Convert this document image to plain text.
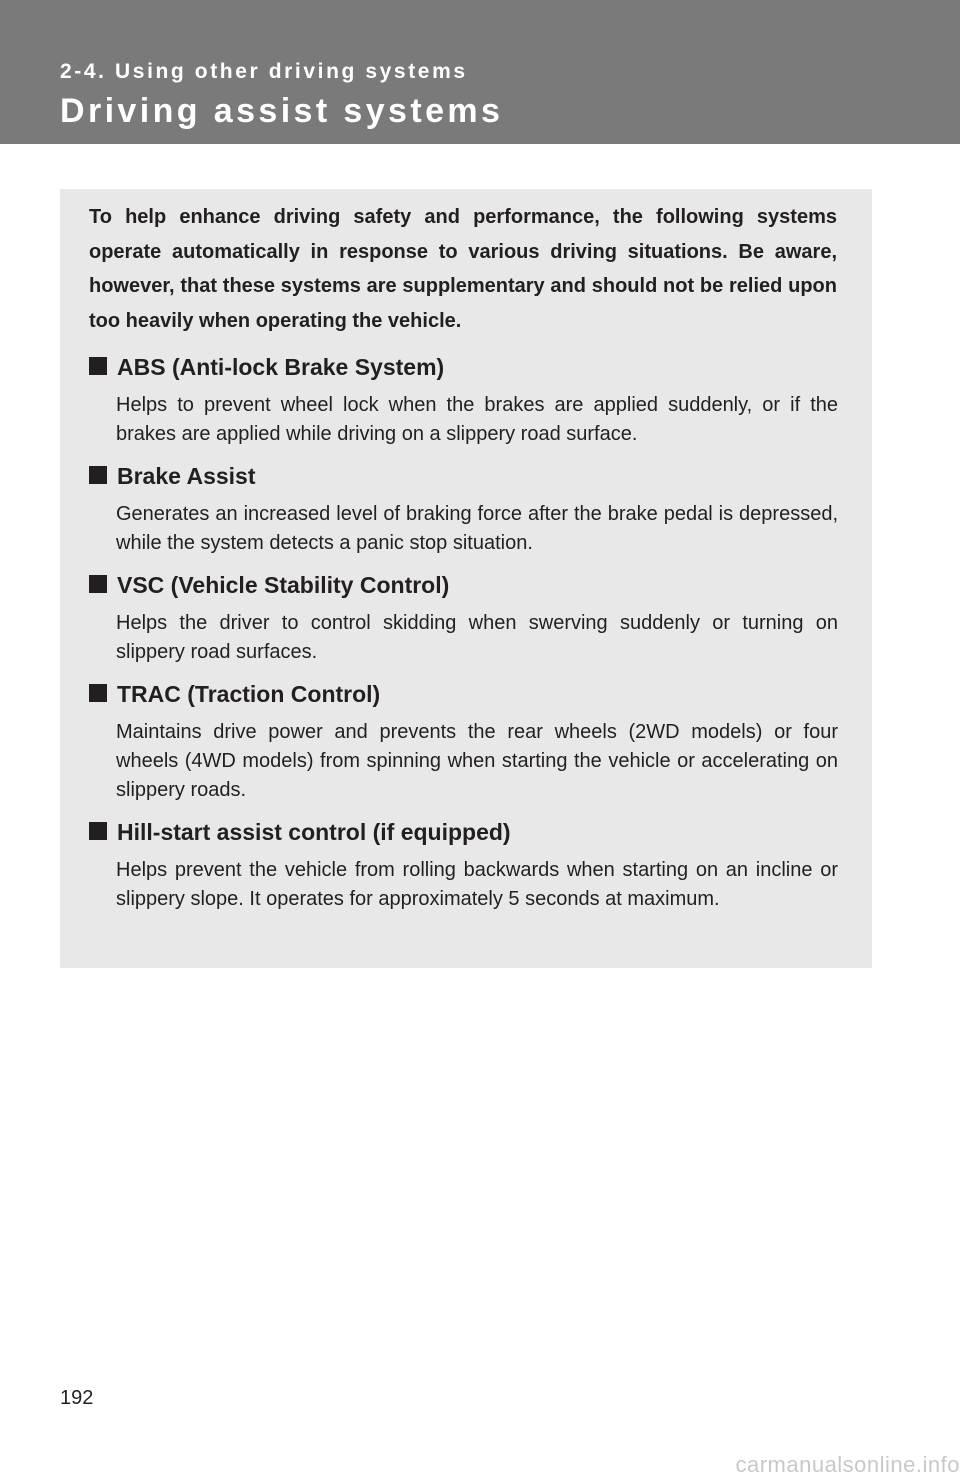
2-4. Using other driving systems
Driving assist systems
To help enhance driving safety and performance, the following systems operate automatically in response to various driving situations. Be aware, however, that these systems are supplementary and should not be relied upon too heavily when operating the vehicle.
ABS (Anti-lock Brake System)
Helps to prevent wheel lock when the brakes are applied suddenly, or if the brakes are applied while driving on a slippery road surface.
Brake Assist
Generates an increased level of braking force after the brake pedal is depressed, while the system detects a panic stop situation.
VSC (Vehicle Stability Control)
Helps the driver to control skidding when swerving suddenly or turning on slippery road surfaces.
TRAC (Traction Control)
Maintains drive power and prevents the rear wheels (2WD models) or four wheels (4WD models) from spinning when starting the vehicle or accelerating on slippery roads.
Hill-start assist control (if equipped)
Helps prevent the vehicle from rolling backwards when starting on an incline or slippery slope. It operates for approximately 5 seconds at maximum.
192
carmanualsonline.info
